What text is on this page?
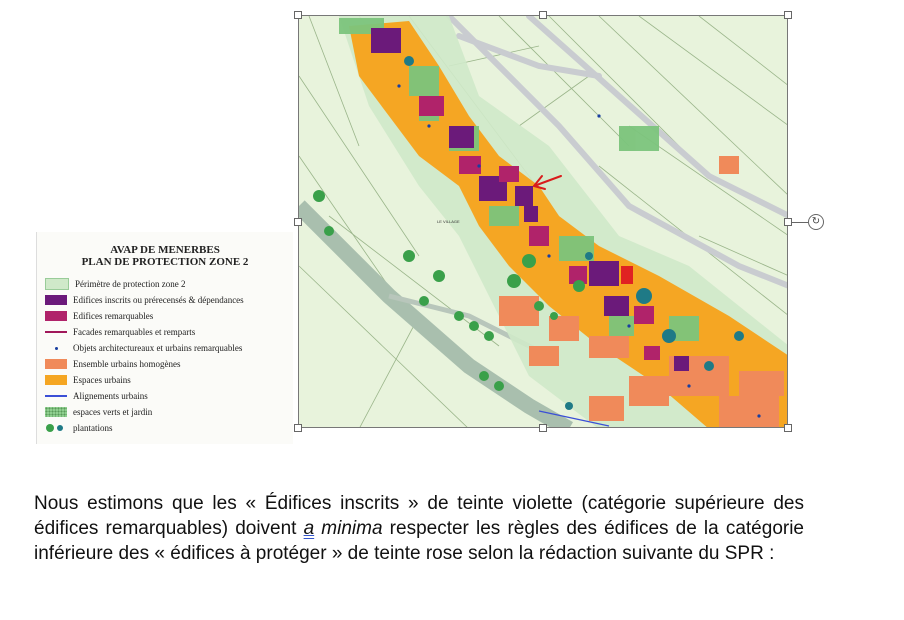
AVAP DE MENERBES
PLAN DE PROTECTION ZONE 2
Périmètre de protection zone 2
Edifices inscrits ou prérecensés & dépendances
Edifices remarquables
Facades remarquables et remparts
Objets architectureaux et urbains remarquables
Ensemble urbains homogènes
Espaces urbains
Alignements urbains
espaces verts et jardin
plantations
LE VILLAGE	↻
Nous estimons que les « Édifices inscrits » de teinte violette (catégorie supérieure des édifices remarquables) doivent a minima respecter les règles des édifices de la catégorie inférieure des « édifices à protéger » de teinte rose selon la rédaction suivante du SPR :
